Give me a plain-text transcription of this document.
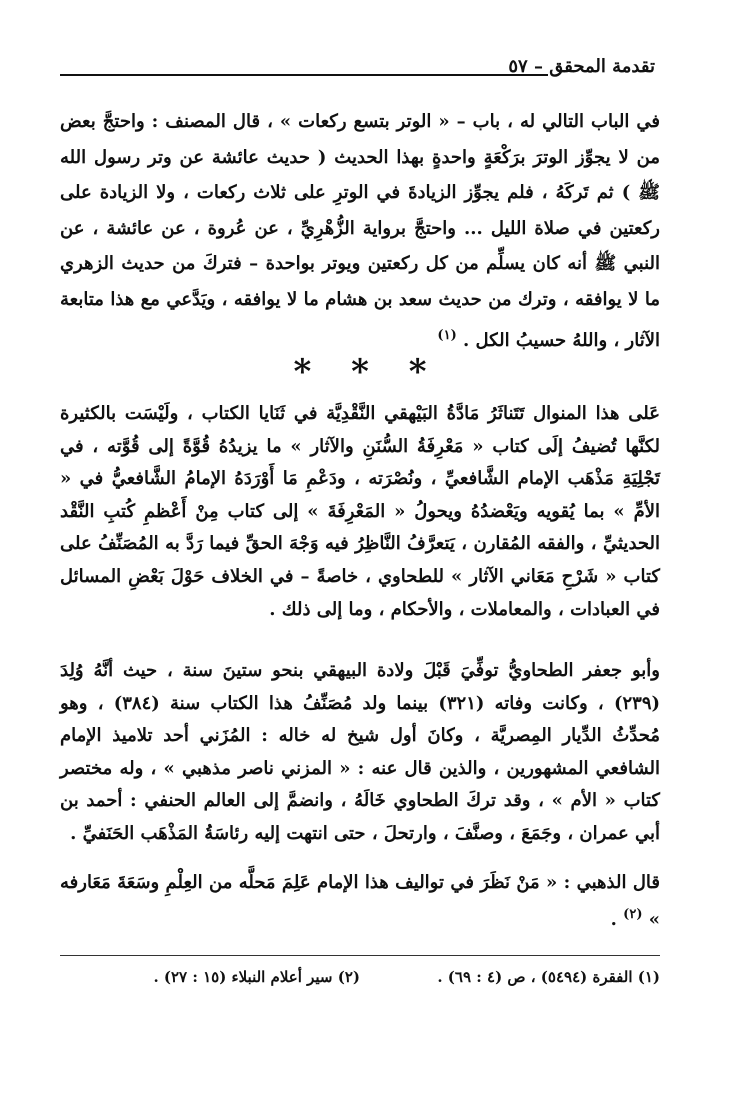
تقدمة المحقق – ٥٧
في الباب التالي له ، باب – « الوتر بتسع ركعات » ، قال المصنف : واحتجَّ بعض من لا يجوِّز الوترَ برَكْعَةٍ واحدةٍ بهذا الحديث ( حديث عائشة عن وتر رسول الله ﷺ ) ثم تَركَهُ ، فلم يجوِّز الزيادةَ في الوترِ على ثلاث ركعات ، ولا الزيادة على ركعتين في صلاة الليل ... واحتجَّ برواية الزُّهْرِيِّ ، عن عُروة ، عن عائشة ، عن النبي ﷺ أنه كان يسلِّم من كل ركعتين ويوتر بواحدة – فتركَ من حديث الزهري ما لا يوافقه ، وترك من حديث سعد بن هشام ما لا يوافقه ، ويَدَّعي مع هذا متابعة الآثار ، واللهُ حسيبُ الكل . $^{(١)}$
* * *
عَلى هذا المنوال تَتَناثَرُ مَادَّةُ البَيْهقي النَّقْدِيَّة في ثَنَايا الكتاب ، ولَيْسَت بالكثيرة لكنَّها تُضيفُ إلَى كتاب « مَعْرِفَةُ السُّنَنِ والآثار » ما يزيدُهُ قُوَّةً إلى قُوَّته ، في تَجْلِيَةِ مَذْهَب الإمام الشَّافعيِّ ، ونُصْرَته ، ودَعْمِ مَا أَوْرَدَهُ الإمامُ الشَّافعيُّ في « الأمِّ » بما يُقويه ويَعْضدُهُ ويحولُ « المَعْرِفَةَ » إلى كتاب مِنْ أَعْظمِ كُتبِ النَّقْد الحديثيِّ ، والفقه المُقارن ، يَتعرَّفُ النَّاظِرُ فيه وَجْهَ الحقِّ فيما رَدَّ به المُصَنِّفُ على كتاب « شَرْحِ مَعَاني الآثار » للطحاوي ، خاصةً – في الخلاف حَوْلَ بَعْضِ المسائل في العبادات ، والمعاملات ، والأحكام ، وما إلى ذلك .
وأبو جعفر الطحاويُّ توفِّيَ قَبْلَ ولادة البيهقي بنحو ستينَ سنة ، حيث أنَّهُ وُلِدَ (٢٣٩) ، وكانت وفاته (٣٢١) بينما ولد مُصَنِّفُ هذا الكتاب سنة (٣٨٤) ، وهو مُحدِّثُ الدِّيار المِصريَّة ، وكانَ أول شيخ له خاله : المُزَني أحد تلاميذ الإمام الشافعي المشهورين ، والذين قال عنه : « المزني ناصر مذهبي » ، وله مختصر كتاب « الأم » ، وقد تركَ الطحاوي خَالَهُ ، وانضمَّ إلى العالم الحنفي : أحمد بن أبي عمران ، وجَمَعَ ، وصنَّفَ ، وارتحلَ ، حتى انتهت إليه رئاسَةُ المَذْهَب الحَنَفيِّ .
قال الذهبي : « مَنْ نَظَرَ في تواليف هذا الإمام عَلِمَ مَحلَّه من العِلْمِ وسَعَةَ مَعَارفه » $^{(٢)}$ .
(١) الفقرة (٥٤٩٤) ، ص (٤ : ٦٩) .
(٢) سير أعلام النبلاء (١٥ : ٢٧) .
